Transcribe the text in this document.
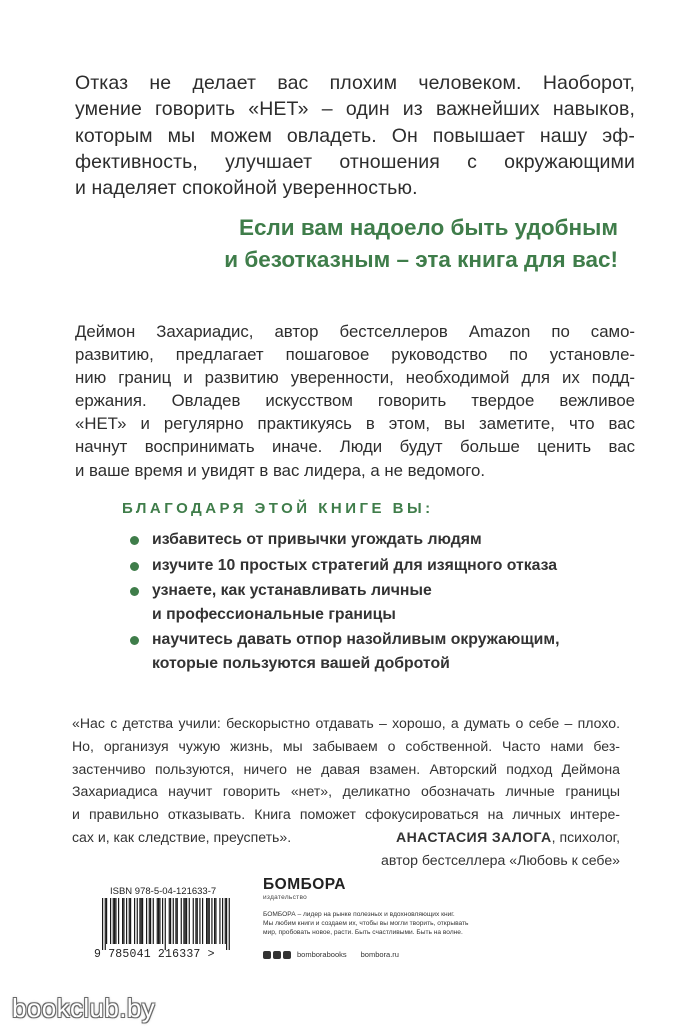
Отказ не делает вас плохим человеком. Наоборот,
умение говорить «НЕТ» – один из важнейших навыков,
которым мы можем овладеть. Он повышает нашу эф-
фективность, улучшает отношения с окружающими
и наделяет спокойной уверенностью.
Если вам надоело быть удобным
и безотказным – эта книга для вас!
Деймон Захариадис, автор бестселлеров Amazon по само-
развитию, предлагает пошаговое руководство по установле-
нию границ и развитию уверенности, необходимой для их подд-
ержания. Овладев искусством говорить твердое вежливое
«НЕТ» и регулярно практикуясь в этом, вы заметите, что вас
начнут воспринимать иначе. Люди будут больше ценить вас
и ваше время и увидят в вас лидера, а не ведомого.
БЛАГОДАРЯ ЭТОЙ КНИГЕ ВЫ:
избавитесь от привычки угождать людям
изучите 10 простых стратегий для изящного отказа
узнаете, как устанавливать личные
и профессиональные границы
научитесь давать отпор назойливым окружающим,
которые пользуются вашей добротой
«Нас с детства учили: бескорыстно отдавать – хорошо, а думать о себе – плохо.
Но, организуя чужую жизнь, мы забываем о собственной. Часто нами без-
застенчиво пользуются, ничего не давая взамен. Авторский подход Деймона
Захариадиса научит говорить «нет», деликатно обозначать личные границы
и правильно отказывать. Книга поможет сфокусироваться на личных интере-
сах и, как следствие, преуспеть».	АНАСТАСИЯ ЗАЛОГА, психолог,
автор бестселлера «Любовь к себе»
ISBN 978-5-04-121633-7
9 785041 216337 >
БОМБОРА
издательство
БОМБОРА – лидер на рынке полезных и вдохновляющих книг.
Мы любим книги и создаем их, чтобы вы могли творить, открывать
мир, пробовать новое, расти. Быть счастливыми. Быть на волне.
bomborabooks bombora.ru
bookclub.by
